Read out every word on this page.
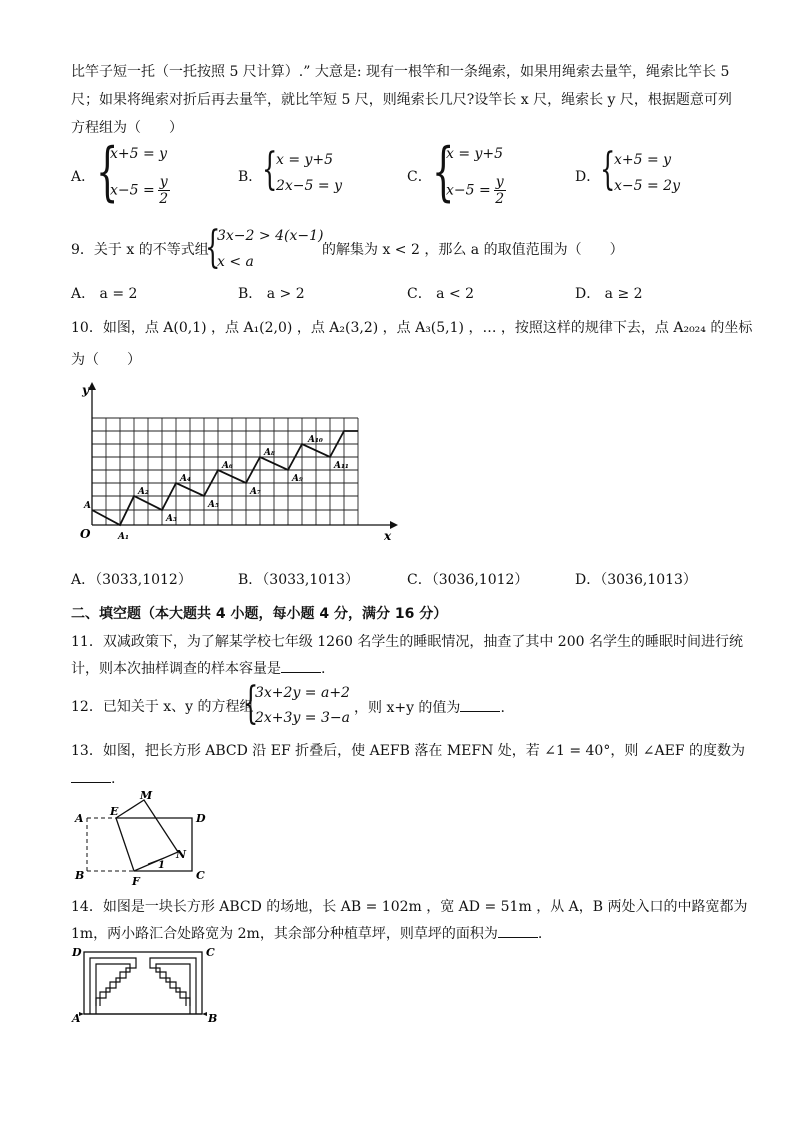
比竿子短一托（一托按照 5 尺计算）.” 大意是: 现有一根竿和一条绳索，如果用绳索去量竿，绳索比竿长 5
尺；如果将绳索对折后再去量竿，就比竿短 5 尺，则绳索长几尺?设竿长 x 尺，绳索长 y 尺，根据题意可列
方程组为（　　）
A． {
x+5 = y
$x-5 = \frac{y}{2}$	B． {
x = y+5
2x−5 = y
C． {
x = y+5
$x-5 = \frac{y}{2}$	D． {
x+5 = y
x−5 = 2y
9．关于 x 的不等式组
{
3x−2 > 4(x−1)
x < a
的解集为 x < 2 ，那么 a 的取值范围为（　　）
A． a = 2	B． a > 2	C． a < 2	D． a ≥ 2
10．如图，点 A(0,1) ，点 A₁(2,0) ，点 A₂(3,2) ，点 A₃(5,1) ，… ，按照这样的规律下去，点 A₂₀₂₄ 的坐标
为（　　）
y
x
O
A
A₁
A₂
A₃
A₄
A₅
A₆
A₇
A₈
A₉
A₁₀
A₁₁
A．（3033,1012）	B．（3033,1013）	C．（3036,1012）	D．（3036,1013）
二、填空题（本大题共 4 小题，每小题 4 分，满分 16 分）
11．双减政策下，为了解某学校七年级 1260 名学生的睡眠情况，抽查了其中 200 名学生的睡眠时间进行统
计，则本次抽样调查的样本容量是	.
12．已知关于 x、y 的方程组
{
3x+2y = a+2
2x+3y = 3−a
，则 x+y 的值为	.
13．如图，把长方形 ABCD 沿 EF 折叠后，使 AEFB 落在 MEFN 处，若 ∠1 = 40°，则 ∠AEF 的度数为
.
A
B	C
D
E
F
M
N
1
14．如图是一块长方形 ABCD 的场地，长 AB = 102m ，宽 AD = 51m ，从 A，B 两处入口的中路宽都为
1m，两小路汇合处路宽为 2m，其余部分种植草坪，则草坪的面积为	.
D	C
A	B
